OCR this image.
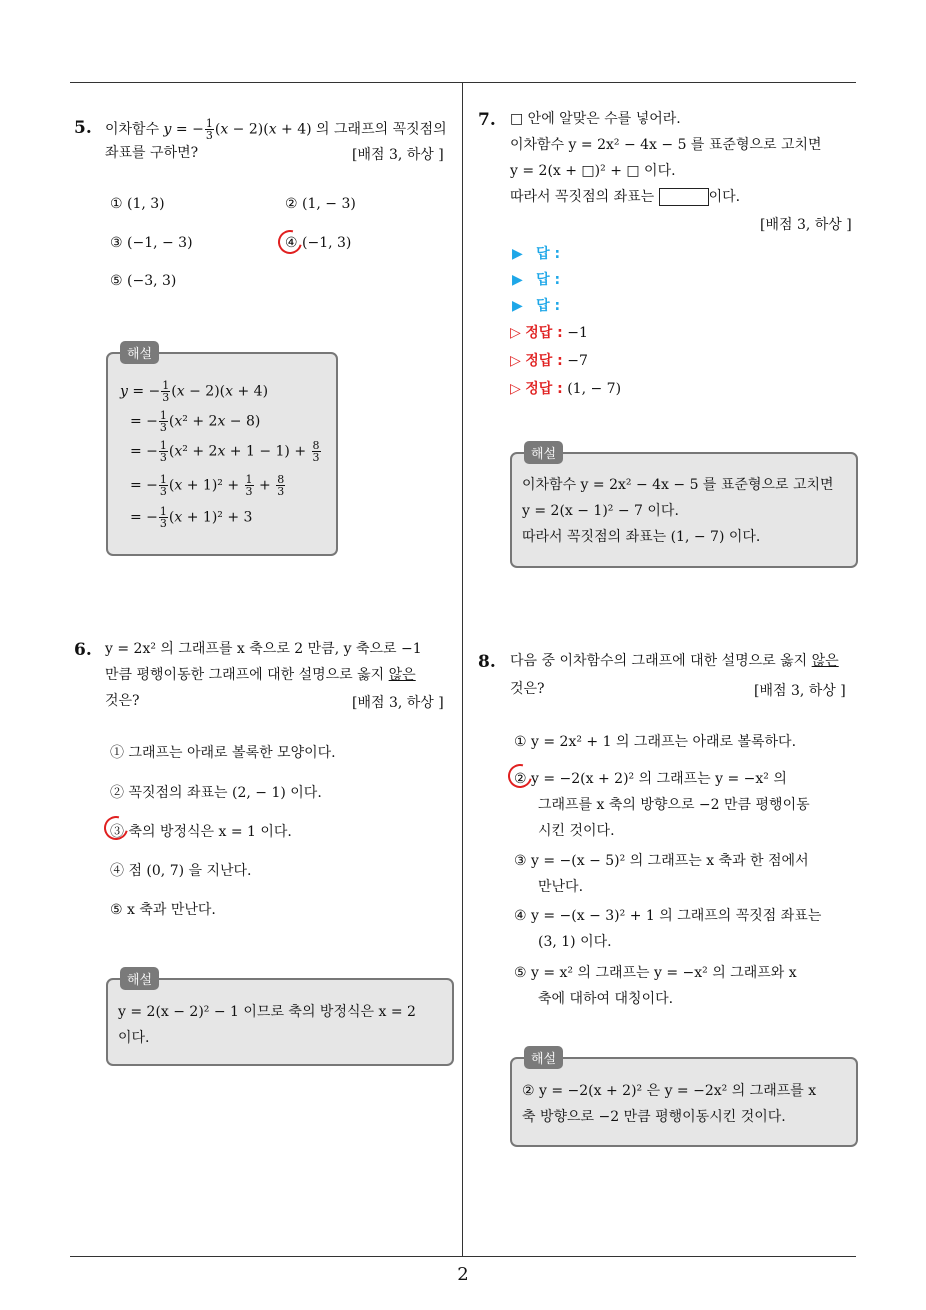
2
5. 이차함수 y = − $\frac{1}{3} (x - 2)(x + 4)$ 의 그래프의 꼭짓점의
좌표를 구하면?	[배점 3, 하상 ]
① (1, 3)	② (1, − 3)
③ (−1, − 3)	④ (−1, 3)
⑤ (−3, 3)
해설
y = − $\frac{1}{3} (x - 2)(x + 4)$
= − $\frac{1}{3} (x^2 + 2x - 8)$
= − $\frac{1}{3} (x^2 + 2x + 1 - 1) + \frac{8}{3}$
= − $\frac{1}{3} (x + 1)^2 + \frac{1}{3} + \frac{8}{3}$
= − $\frac{1}{3} (x + 1)^2 + 3$
6. y = 2x² 의 그래프를 x 축으로 2 만큼, y 축으로 −1
만큼 평행이동한 그래프에 대한 설명으로 옳지 않은
것은?	[배점 3, 하상 ]
① 그래프는 아래로 볼록한 모양이다.
② 꼭짓점의 좌표는 (2, − 1) 이다.
③ 축의 방정식은 x = 1 이다.
④ 점 (0, 7) 을 지난다.
⑤ x 축과 만난다.
해설
y = 2(x − 2)² − 1 이므로 축의 방정식은 x = 2
이다.
7. □ 안에 알맞은 수를 넣어라.
이차함수 y = 2x² − 4x − 5 를 표준형으로 고치면
y = 2(x + □)² + □ 이다.
따라서 꼭짓점의 좌표는	이다.
[배점 3, 하상 ]
▶ 답 :
▶ 답 :
▶ 답 :
▷ 정답 : −1
▷ 정답 : −7
▷ 정답 : (1, − 7)
해설
이차함수 y = 2x² − 4x − 5 를 표준형으로 고치면
y = 2(x − 1)² − 7 이다.
따라서 꼭짓점의 좌표는 (1, − 7) 이다.
8. 다음 중 이차함수의 그래프에 대한 설명으로 옳지 않은
것은?	[배점 3, 하상 ]
① y = 2x² + 1 의 그래프는 아래로 볼록하다.
② y = −2(x + 2)² 의 그래프는 y = −x² 의
그래프를 x 축의 방향으로 −2 만큼 평행이동
시킨 것이다.
③ y = −(x − 5)² 의 그래프는 x 축과 한 점에서
만난다.
④ y = −(x − 3)² + 1 의 그래프의 꼭짓점 좌표는
(3, 1) 이다.
⑤ y = x² 의 그래프는 y = −x² 의 그래프와 x
축에 대하여 대칭이다.
해설
② y = −2(x + 2)² 은 y = −2x² 의 그래프를 x
축 방향으로 −2 만큼 평행이동시킨 것이다.
